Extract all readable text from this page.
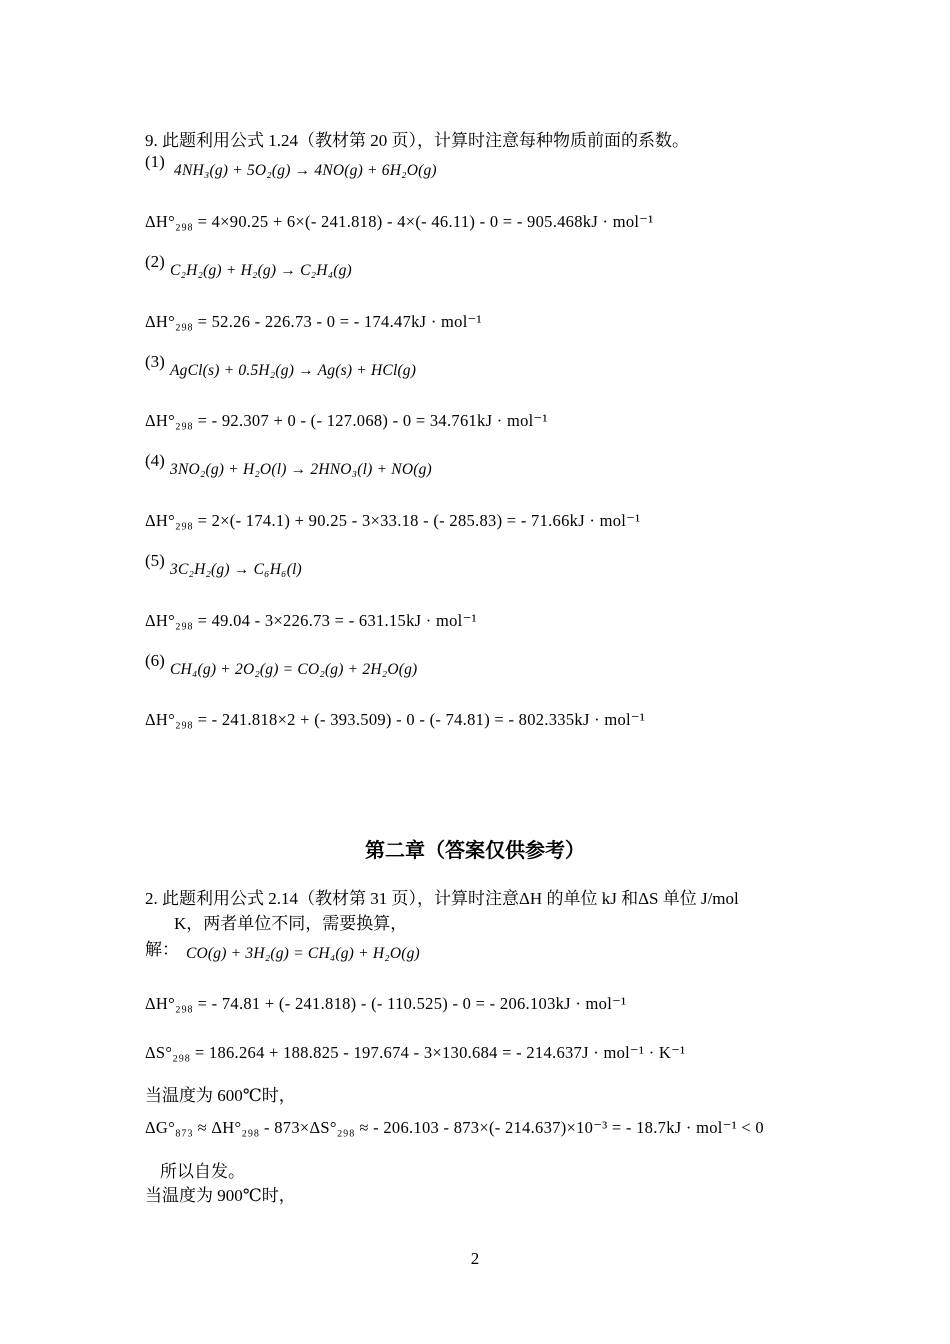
9. 此题利用公式 1.24（教材第 20 页），计算时注意每种物质前面的系数。
(1) 4NH₃(g) + 5O₂(g) → 4NO(g) + 6H₂O(g)
ΔH°₂₉₈ = 4×90.25 + 6×(- 241.818) - 4×(- 46.11) - 0 = - 905.468kJ · mol⁻¹
(2) C₂H₂(g) + H₂(g) → C₂H₄(g)
ΔH°₂₉₈ = 52.26 - 226.73 - 0 = - 174.47kJ · mol⁻¹
(3) AgCl(s) + 0.5H₂(g) → Ag(s) + HCl(g)
ΔH°₂₉₈ = - 92.307 + 0 - (- 127.068) - 0 = 34.761kJ · mol⁻¹
(4) 3NO₂(g) + H₂O(l) → 2HNO₃(l) + NO(g)
ΔH°₂₉₈ = 2×(- 174.1) + 90.25 - 3×33.18 - (- 285.83) = - 71.66kJ · mol⁻¹
(5) 3C₂H₂(g) → C₆H₆(l)
ΔH°₂₉₈ = 49.04 - 3×226.73 = - 631.15kJ · mol⁻¹
(6) CH₄(g) + 2O₂(g) = CO₂(g) + 2H₂O(g)
ΔH°₂₉₈ = - 241.818×2 + (- 393.509) - 0 - (- 74.81) = - 802.335kJ · mol⁻¹
第二章（答案仅供参考）
2. 此题利用公式 2.14（教材第 31 页），计算时注意ΔH 的单位 kJ 和ΔS 单位 J/mol
K，两者单位不同，需要换算，
解： CO(g) + 3H₂(g) = CH₄(g) + H₂O(g)
ΔH°₂₉₈ = - 74.81 + (- 241.818) - (- 110.525) - 0 = - 206.103kJ · mol⁻¹
ΔS°₂₉₈ = 186.264 + 188.825 - 197.674 - 3×130.684 = - 214.637J · mol⁻¹ · K⁻¹
当温度为 600℃时，
ΔG°₈₇₃ ≈ ΔH°₂₉₈ - 873×ΔS°₂₉₈ ≈ - 206.103 - 873×(- 214.637)×10⁻³ = - 18.7kJ · mol⁻¹ < 0
所以自发。
当温度为 900℃时，
2
